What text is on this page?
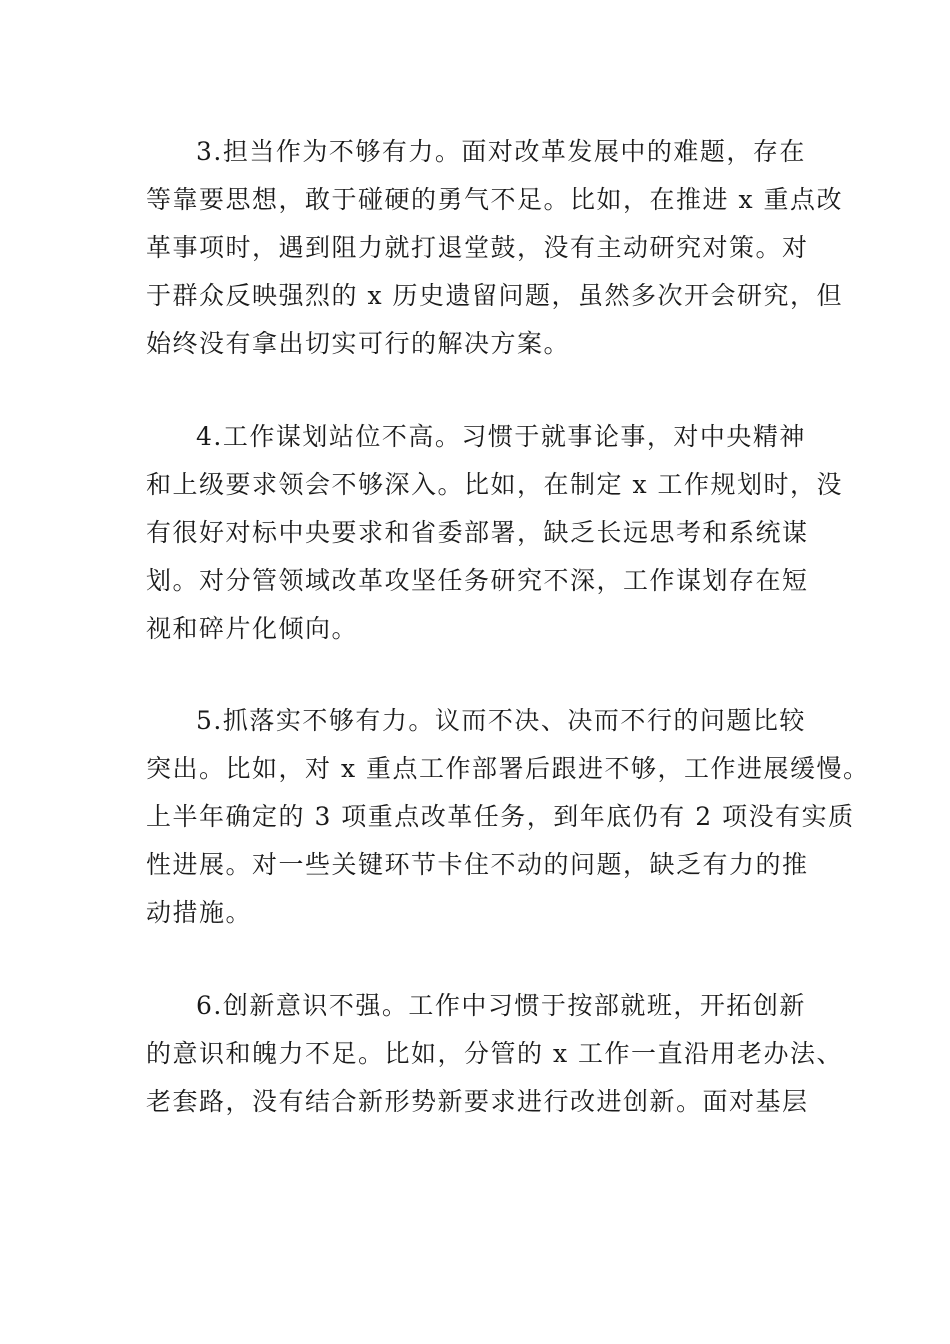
3.担当作为不够有力。面对改革发展中的难题，存在
等靠要思想，敢于碰硬的勇气不足。比如，在推进 x 重点改
革事项时，遇到阻力就打退堂鼓，没有主动研究对策。对
于群众反映强烈的 x 历史遗留问题，虽然多次开会研究，但
始终没有拿出切实可行的解决方案。
4.工作谋划站位不高。习惯于就事论事，对中央精神
和上级要求领会不够深入。比如，在制定 x 工作规划时，没
有很好对标中央要求和省委部署，缺乏长远思考和系统谋
划。对分管领域改革攻坚任务研究不深，工作谋划存在短
视和碎片化倾向。
5.抓落实不够有力。议而不决、决而不行的问题比较
突出。比如，对 x 重点工作部署后跟进不够，工作进展缓慢。
上半年确定的 3 项重点改革任务，到年底仍有 2 项没有实质
性进展。对一些关键环节卡住不动的问题，缺乏有力的推
动措施。
6.创新意识不强。工作中习惯于按部就班，开拓创新
的意识和魄力不足。比如，分管的 x 工作一直沿用老办法、
老套路，没有结合新形势新要求进行改进创新。面对基层
